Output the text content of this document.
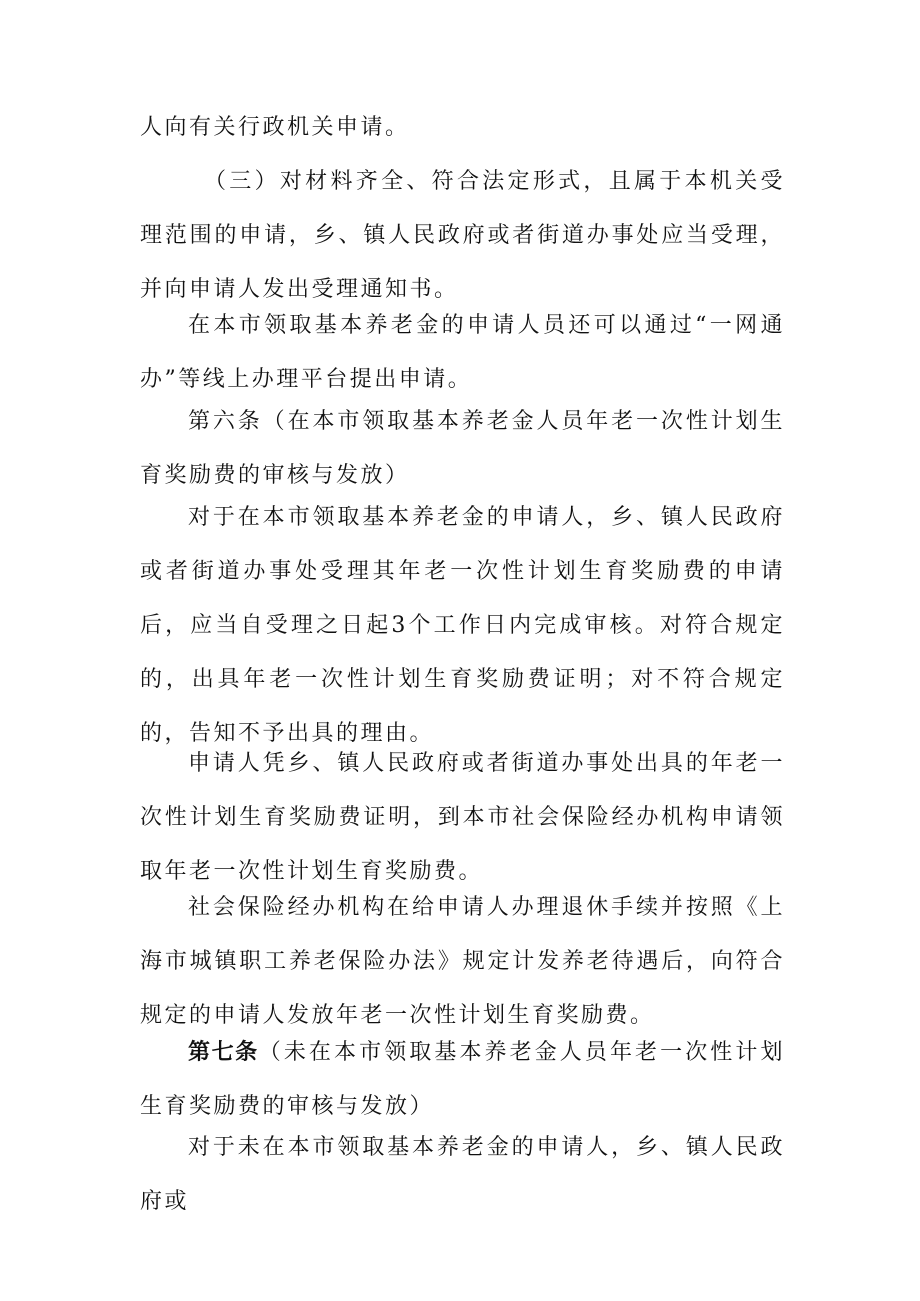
人向有关行政机关申请。

（三）对材料齐全、符合法定形式，且属于本机关受理范围的申请，乡、镇人民政府或者街道办事处应当受理，并向申请人发出受理通知书。

在本市领取基本养老金的申请人员还可以通过“一网通办”等线上办理平台提出申请。

第六条（在本市领取基本养老金人员年老一次性计划生育奖励费的审核与发放）

对于在本市领取基本养老金的申请人，乡、镇人民政府或者街道办事处受理其年老一次性计划生育奖励费的申请后，应当自受理之日起3个工作日内完成审核。对符合规定的，出具年老一次性计划生育奖励费证明；对不符合规定的，告知不予出具的理由。

申请人凭乡、镇人民政府或者街道办事处出具的年老一次性计划生育奖励费证明，到本市社会保险经办机构申请领取年老一次性计划生育奖励费。

社会保险经办机构在给申请人办理退休手续并按照《上海市城镇职工养老保险办法》规定计发养老待遇后，向符合规定的申请人发放年老一次性计划生育奖励费。

第七条（未在本市领取基本养老金人员年老一次性计划生育奖励费的审核与发放）

对于未在本市领取基本养老金的申请人，乡、镇人民政府或
